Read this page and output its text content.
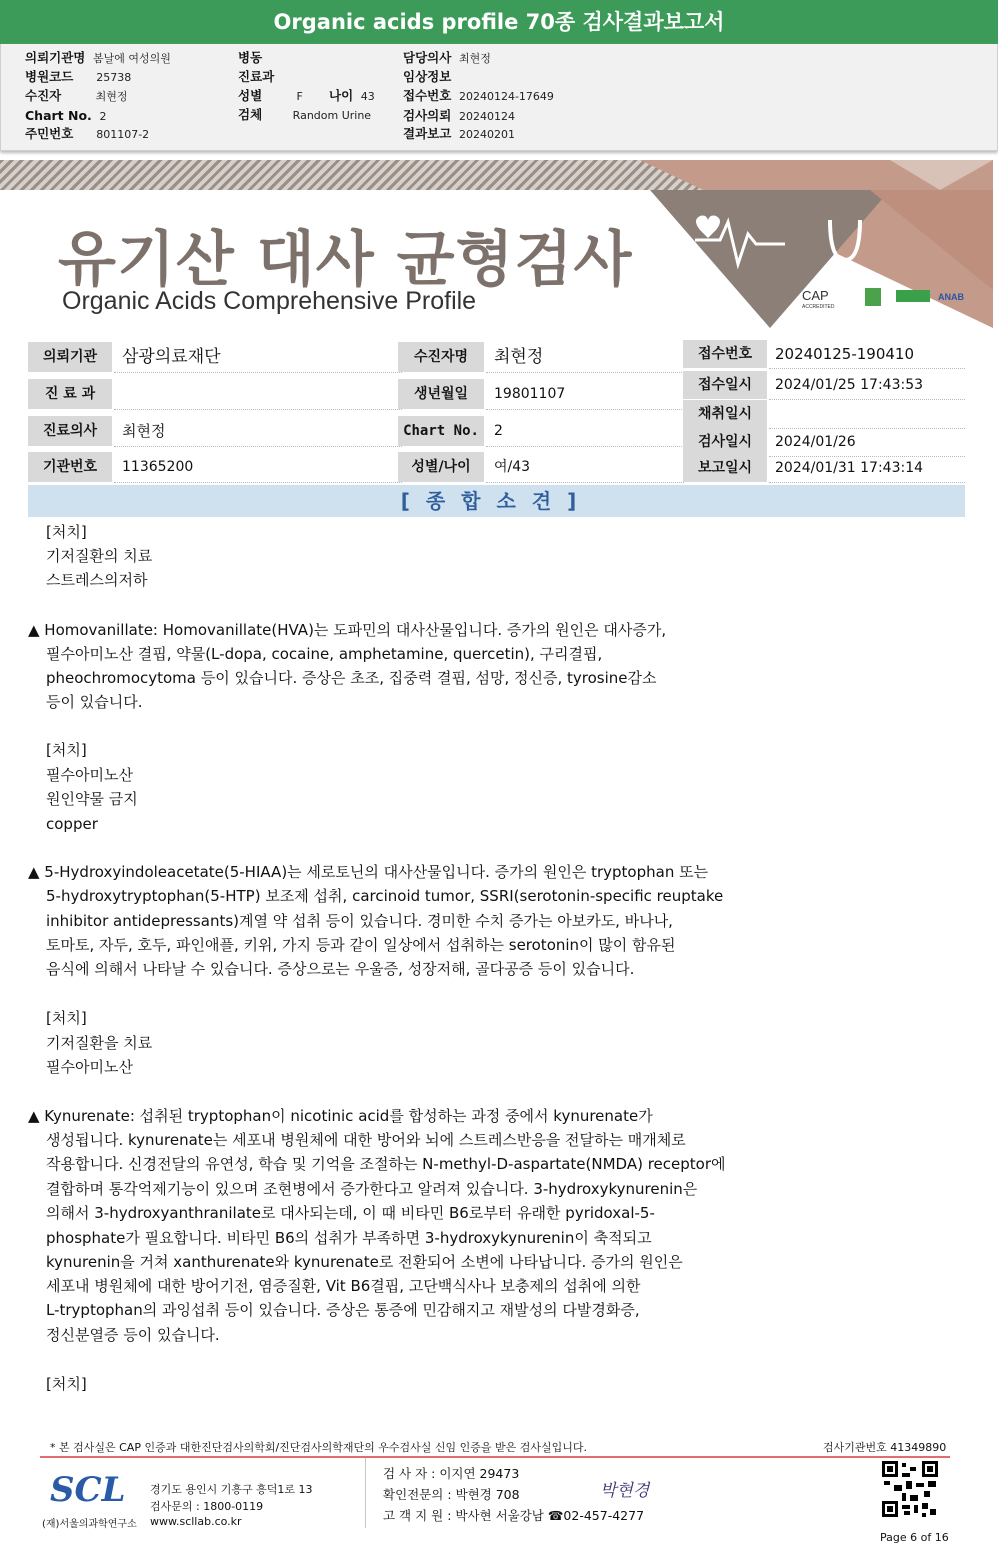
Organic acids profile 70종 검사결과보고서
의뢰기관명 봄날에 여성의원
병원코드 25738
수진자	최현정
Chart No. 2
주민번호 801107-2
병동
진료과
성별	F 나이 43
검체	Random Urine
담당의사 최현정
임상정보
접수번호 20240124-17649
검사의뢰 20240124
결과보고 20240201
CAP
ACCREDITED
ANAB
유기산 대사 균형검사
Organic Acids Comprehensive Profile
의뢰기관	삼광의료재단
진 료 과
진료의사	최현정
기관번호	11365200
수진자명	최현정
생년월일	19801107
Chart No.	2
성별/나이	여/43
접수번호	20240125-190410
접수일시	2024/01/25 17:43:53
채취일시
검사일시	2024/01/26
보고일시	2024/01/31 17:43:14
[종합소견]
[처치]
기저질환의 치료
스트레스의저하
▲ Homovanillate: Homovanillate(HVA)는 도파민의 대사산물입니다. 증가의 원인은 대사증가,
필수아미노산 결핍, 약물(L-dopa, cocaine, amphetamine, quercetin), 구리결핍,
pheochromocytoma 등이 있습니다. 증상은 초조, 집중력 결핍, 섬망, 정신증, tyrosine감소
등이 있습니다.
[처치]
필수아미노산
원인약물 금지
copper
▲ 5-Hydroxyindoleacetate(5-HIAA)는 세로토닌의 대사산물입니다. 증가의 원인은 tryptophan 또는
5-hydroxytryptophan(5-HTP) 보조제 섭취, carcinoid tumor, SSRI(serotonin-specific reuptake
inhibitor antidepressants)계열 약 섭취 등이 있습니다. 경미한 수치 증가는 아보카도, 바나나,
토마토, 자두, 호두, 파인애플, 키위, 가지 등과 같이 일상에서 섭취하는 serotonin이 많이 함유된
음식에 의해서 나타날 수 있습니다. 증상으로는 우울증, 성장저해, 골다공증 등이 있습니다.
[처치]
기저질환을 치료
필수아미노산
▲ Kynurenate: 섭취된 tryptophan이 nicotinic acid를 합성하는 과정 중에서 kynurenate가
생성됩니다. kynurenate는 세포내 병원체에 대한 방어와 뇌에 스트레스반응을 전달하는 매개체로
작용합니다. 신경전달의 유연성, 학습 및 기억을 조절하는 N-methyl-D-aspartate(NMDA) receptor에
결합하며 통각억제기능이 있으며 조현병에서 증가한다고 알려져 있습니다. 3-hydroxykynurenin은
의해서 3-hydroxyanthranilate로 대사되는데, 이 때 비타민 B6로부터 유래한 pyridoxal-5-
phosphate가 필요합니다. 비타민 B6의 섭취가 부족하면 3-hydroxykynurenin이 축적되고
kynurenin을 거쳐 xanthurenate와 kynurenate로 전환되어 소변에 나타납니다. 증가의 원인은
세포내 병원체에 대한 방어기전, 염증질환, Vit B6결핍, 고단백식사나 보충제의 섭취에 의한
L-tryptophan의 과잉섭취 등이 있습니다. 증상은 통증에 민감해지고 재발성의 다발경화증,
정신분열증 등이 있습니다.
[처치]
* 본 검사실은 CAP 인증과 대한진단검사의학회/진단검사의학재단의 우수검사실 신임 인증을 받은 검사실입니다.	검사기관번호 41349890
SCL
(재)서울의과학연구소
경기도 용인시 기흥구 흥덕1로 13
검사문의 : 1800-0119
www.scllab.co.kr
검 사 자 : 이지연 29473
확인전문의 : 박현경 708
고 객 지 원 : 박사현 서울강남 ☎02-457-4277
박현경
Page 6 of 16
